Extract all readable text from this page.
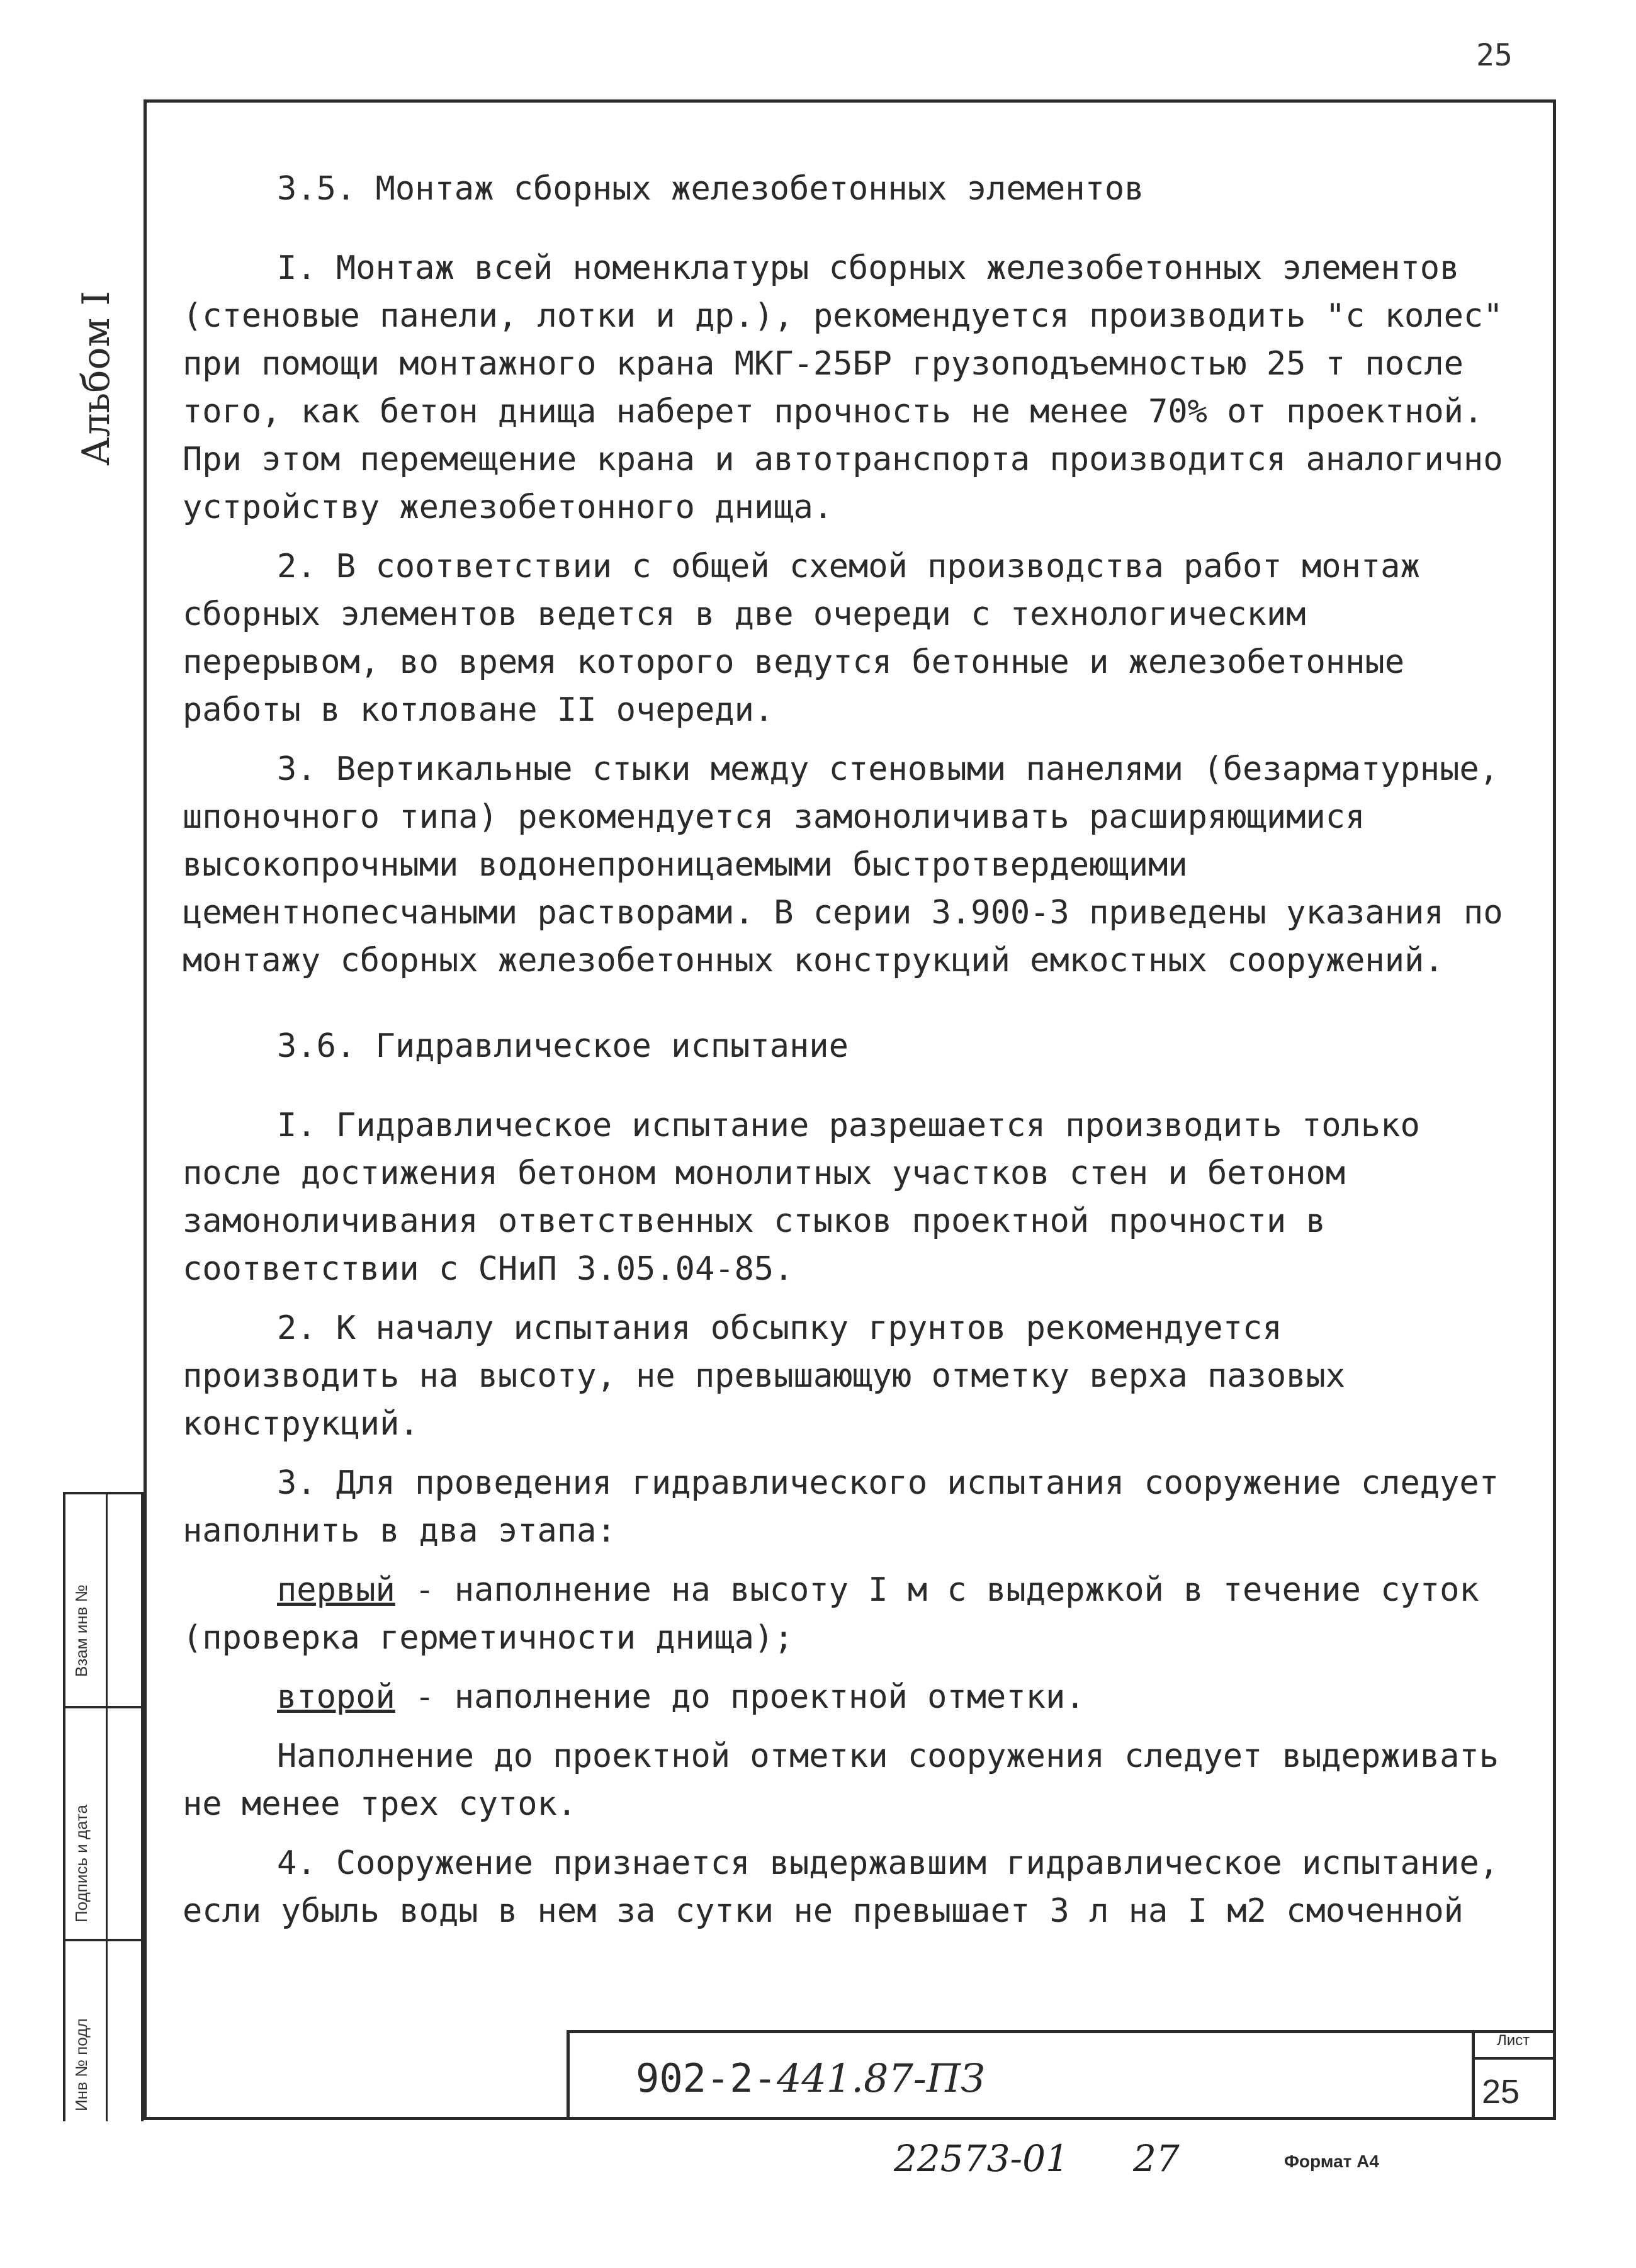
25
Альбом I
Взам инв №
Подпись и дата
Инв № подл
3.5. Монтаж сборных железобетонных элементов

I. Монтаж всей номенклатуры сборных железобетонных элементов (стеновые панели, лотки и др.), рекомендуется производить "с колес" при помощи монтажного крана МКГ-25БР грузоподъемностью 25 т после того, как бетон днища наберет прочность не менее 70% от проектной. При этом перемещение крана и автотранспорта производится аналогично устройству железобетонного днища.

2. В соответствии с общей схемой производства работ монтаж сборных элементов ведется в две очереди с технологическим перерывом, во время которого ведутся бетонные и железобетонные работы в котловане II очереди.

3. Вертикальные стыки между стеновыми панелями (безарматурные, шпоночного типа) рекомендуется замоноличивать расширяющимися высокопрочными водонепроницаемыми быстротвердеющими цементнопесчаными растворами. В серии 3.900-3 приведены указания по монтажу сборных железобетонных конструкций емкостных сооружений.

3.6. Гидравлическое испытание

I. Гидравлическое испытание разрешается производить только после достижения бетоном монолитных участков стен и бетоном замоноличивания ответственных стыков проектной прочности в соответствии с СНиП 3.05.04-85.

2. К началу испытания обсыпку грунтов рекомендуется производить на высоту, не превышающую отметку верха пазовых конструкций.

3. Для проведения гидравлического испытания сооружение следует наполнить в два этапа:

первый - наполнение на высоту I м с выдержкой в течение суток (проверка герметичности днища);

второй - наполнение до проектной отметки.

Наполнение до проектной отметки сооружения следует выдерживать не менее трех суток.

4. Сооружение признается выдержавшим гидравлическое испытание, если убыль воды в нем за сутки не превышает 3 л на I м2 смоченной

902-2-441.87-ПЗ
Лист
25
22573-01 27	Формат А4
